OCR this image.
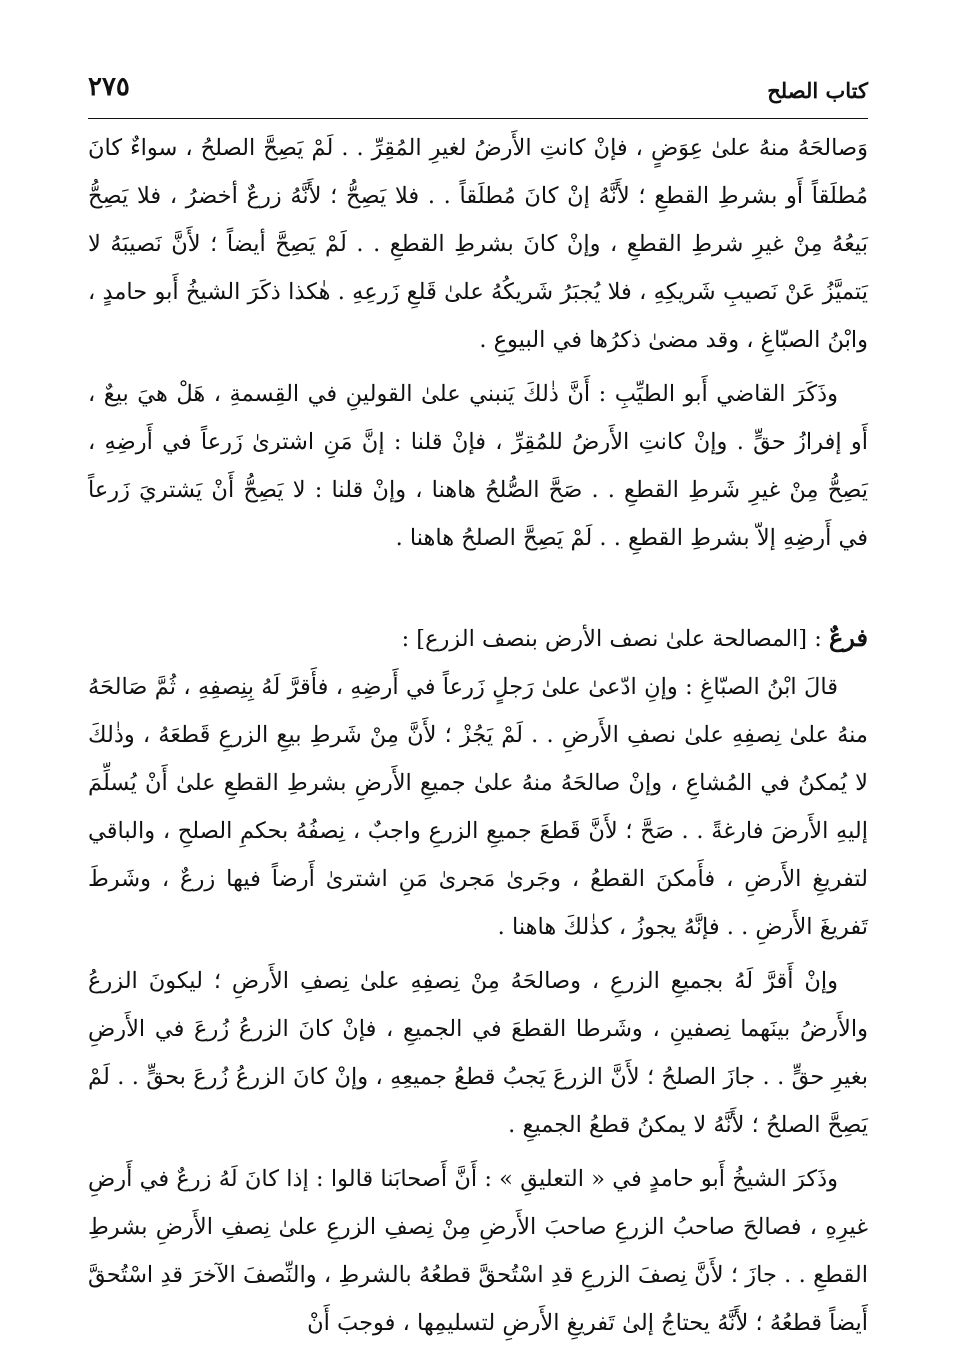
كتاب الصلح
٢٧٥

وَصالحَهُ منهُ علىٰ عِوَضٍ ، فإنْ كانتِ الأَرضُ لغيرِ المُقِرِّ . . لَمْ يَصِحَّ الصلحُ ، سواءٌ كانَ مُطلَقاً أَو بشرطِ القطعِ ؛ لأَنَّهُ إنْ كانَ مُطلَقاً . . فلا يَصِحُّ ؛ لأَنَّهُ زرعٌ أخضرُ ، فلا يَصِحُّ بَيعُهُ مِنْ غيرِ شرطِ القطعِ ، وإنْ كانَ بشرطِ القطعِ . . لَمْ يَصِحَّ أيضاً ؛ لأَنَّ نَصيبَهُ لا يَتميَّزُ عَنْ نَصيبِ شَريكِهِ ، فلا يُجبَرُ شَريكُهُ علىٰ قَلعِ زَرعِهِ . هٰكذا ذكَرَ الشيخُ أَبو حامدٍ ، وابْنُ الصبّاغِ ، وقد مضىٰ ذكرُها في البيوعِ .

وذَكَرَ القاضي أَبو الطيِّبِ : أَنَّ ذٰلكَ يَنبني علىٰ القولينِ في القِسمةِ ، هَلْ هيَ بيعٌ ، أَو إفرازُ حقٍّ . وإنْ كانتِ الأَرضُ للمُقِرِّ ، فإنْ قلنا : إنَّ مَنِ اشترىٰ زَرعاً في أَرضِهِ ، يَصِحُّ مِنْ غيرِ شَرطِ القطعِ . . صَحَّ الصُّلحُ هاهنا ، وإنْ قلنا : لا يَصِحُّ أَنْ يَشتريَ زَرعاً في أَرضِهِ إلاّ بشرطِ القطعِ . . لَمْ يَصِحَّ الصلحُ هاهنا .

فرعٌ : [المصالحة علىٰ نصف الأرض بنصف الزرع] :

قالَ ابْنُ الصبّاغِ : وإنِ ادّعىٰ علىٰ رَجلٍ زَرعاً في أَرضِهِ ، فأَقرَّ لَهُ بِنِصفِهِ ، ثُمَّ صَالحَهُ منهُ علىٰ نِصفِهِ علىٰ نصفِ الأَرضِ . . لَمْ يَجُزْ ؛ لأَنَّ مِنْ شَرطِ بيعِ الزرعِ قَطعَهُ ، وذٰلكَ لا يُمكنُ في المُشاعِ ، وإنْ صالحَهُ منهُ علىٰ جميعِ الأَرضِ بشرطِ القطعِ علىٰ أَنْ يُسلِّمَ إليهِ الأَرضَ فارغةً . . صَحَّ ؛ لأَنَّ قَطعَ جميعِ الزرعِ واجبٌ ، نِصفُهُ بحكمِ الصلحِ ، والباقي لتفريغِ الأَرضِ ، فأَمكنَ القطعُ ، وجَرىٰ مَجرىٰ مَنِ اشترىٰ أَرضاً فيها زرعٌ ، وشَرطَ تَفريغَ الأَرضِ . . فإنَّهُ يجوزُ ، كذٰلكَ هاهنا .

وإنْ أَقرَّ لَهُ بجميعِ الزرعِ ، وصالحَهُ مِنْ نِصفِهِ علىٰ نِصفِ الأَرضِ ؛ ليكونَ الزرعُ والأَرضُ بينَهما نِصفينِ ، وشَرطا القطعَ في الجميعِ ، فإنْ كانَ الزرعُ زُرعَ في الأَرضِ بغيرِ حقٍّ . . جازَ الصلحُ ؛ لأَنَّ الزرعَ يَجبُ قطعُ جميعِهِ ، وإنْ كانَ الزرعُ زُرعَ بحقٍّ . . لَمْ يَصِحَّ الصلحُ ؛ لأَنَّهُ لا يمكنُ قطعُ الجميعِ .

وذَكرَ الشيخُ أَبو حامدٍ في « التعليقِ » : أَنَّ أَصحابَنا قالوا : إذا كانَ لَهُ زرعٌ في أَرضِ غيرِهِ ، فصالحَ صاحبُ الزرعِ صاحبَ الأَرضِ مِنْ نِصفِ الزرعِ علىٰ نِصفِ الأَرضِ بشرطِ القطعِ . . جازَ ؛ لأَنَّ نِصفَ الزرعِ قدِ اسْتُحقَّ قطعُهُ بالشرطِ ، والنِّصفَ الآخرَ قدِ اسْتُحقَّ أَيضاً قطعُهُ ؛ لأَنَّهُ يحتاجُ إلىٰ تَفريغِ الأَرضِ لتسليمِها ، فوجبَ أَنْ
